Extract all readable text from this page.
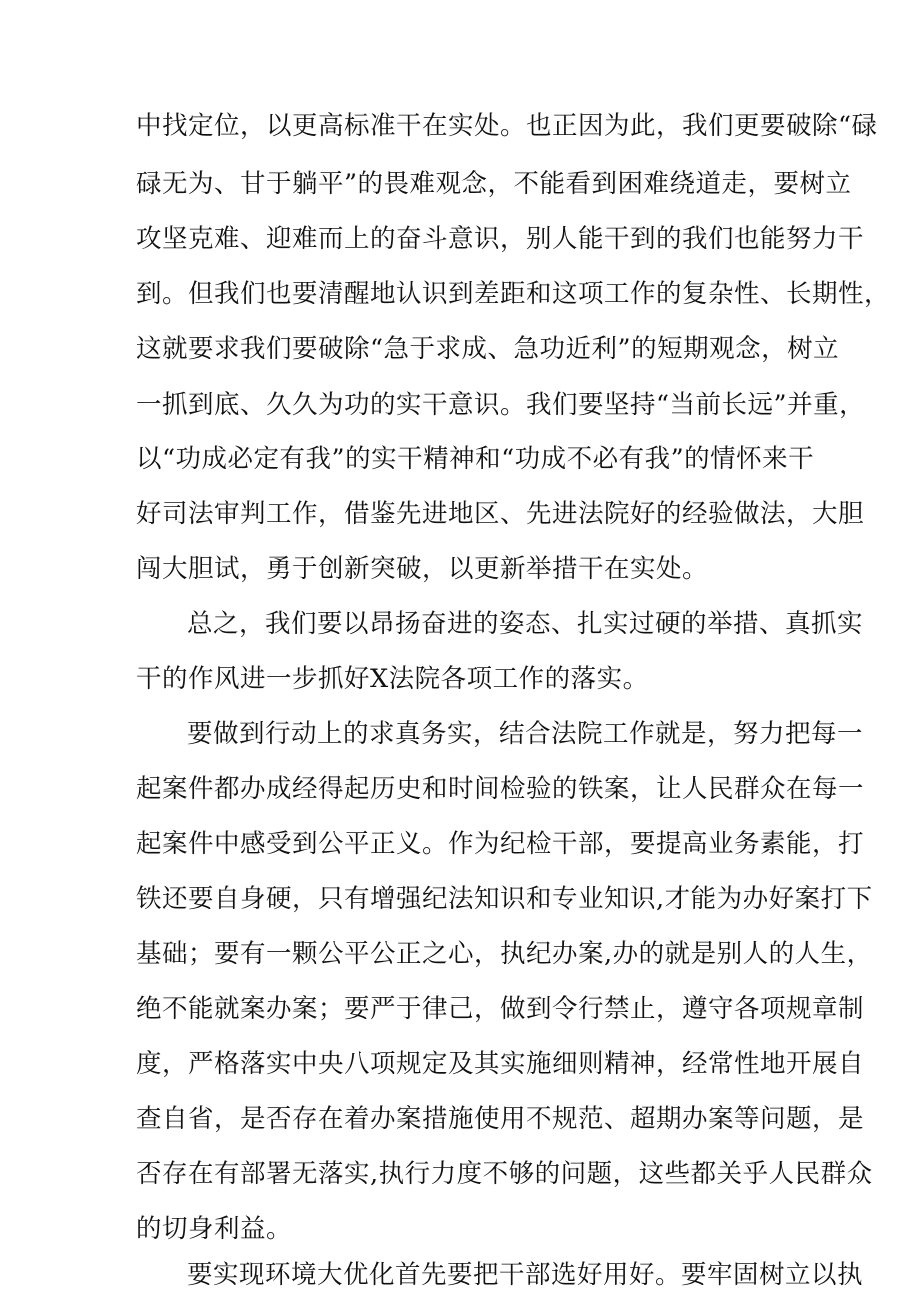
中找定位，以更高标准干在实处。也正因为此，我们更要破除“碌
碌无为、甘于躺平”的畏难观念，不能看到困难绕道走，要树立
攻坚克难、迎难而上的奋斗意识，别人能干到的我们也能努力干
到。但我们也要清醒地认识到差距和这项工作的复杂性、长期性，
这就要求我们要破除“急于求成、急功近利”的短期观念，树立
一抓到底、久久为功的实干意识。我们要坚持“当前长远”并重，
以“功成必定有我”的实干精神和“功成不必有我”的情怀来干
好司法审判工作，借鉴先进地区、先进法院好的经验做法，大胆
闯大胆试，勇于创新突破，以更新举措干在实处。
总之，我们要以昂扬奋进的姿态、扎实过硬的举措、真抓实
干的作风进一步抓好X法院各项工作的落实。
要做到行动上的求真务实，结合法院工作就是，努力把每一
起案件都办成经得起历史和时间检验的铁案，让人民群众在每一
起案件中感受到公平正义。作为纪检干部，要提高业务素能，打
铁还要自身硬，只有增强纪法知识和专业知识,才能为办好案打下
基础；要有一颗公平公正之心，执纪办案,办的就是别人的人生，
绝不能就案办案；要严于律己，做到令行禁止，遵守各项规章制
度，严格落实中央八项规定及其实施细则精神，经常性地开展自
查自省，是否存在着办案措施使用不规范、超期办案等问题，是
否存在有部署无落实,执行力度不够的问题，这些都关乎人民群众
的切身利益。
要实现环境大优化首先要把干部选好用好。要牢固树立以执
